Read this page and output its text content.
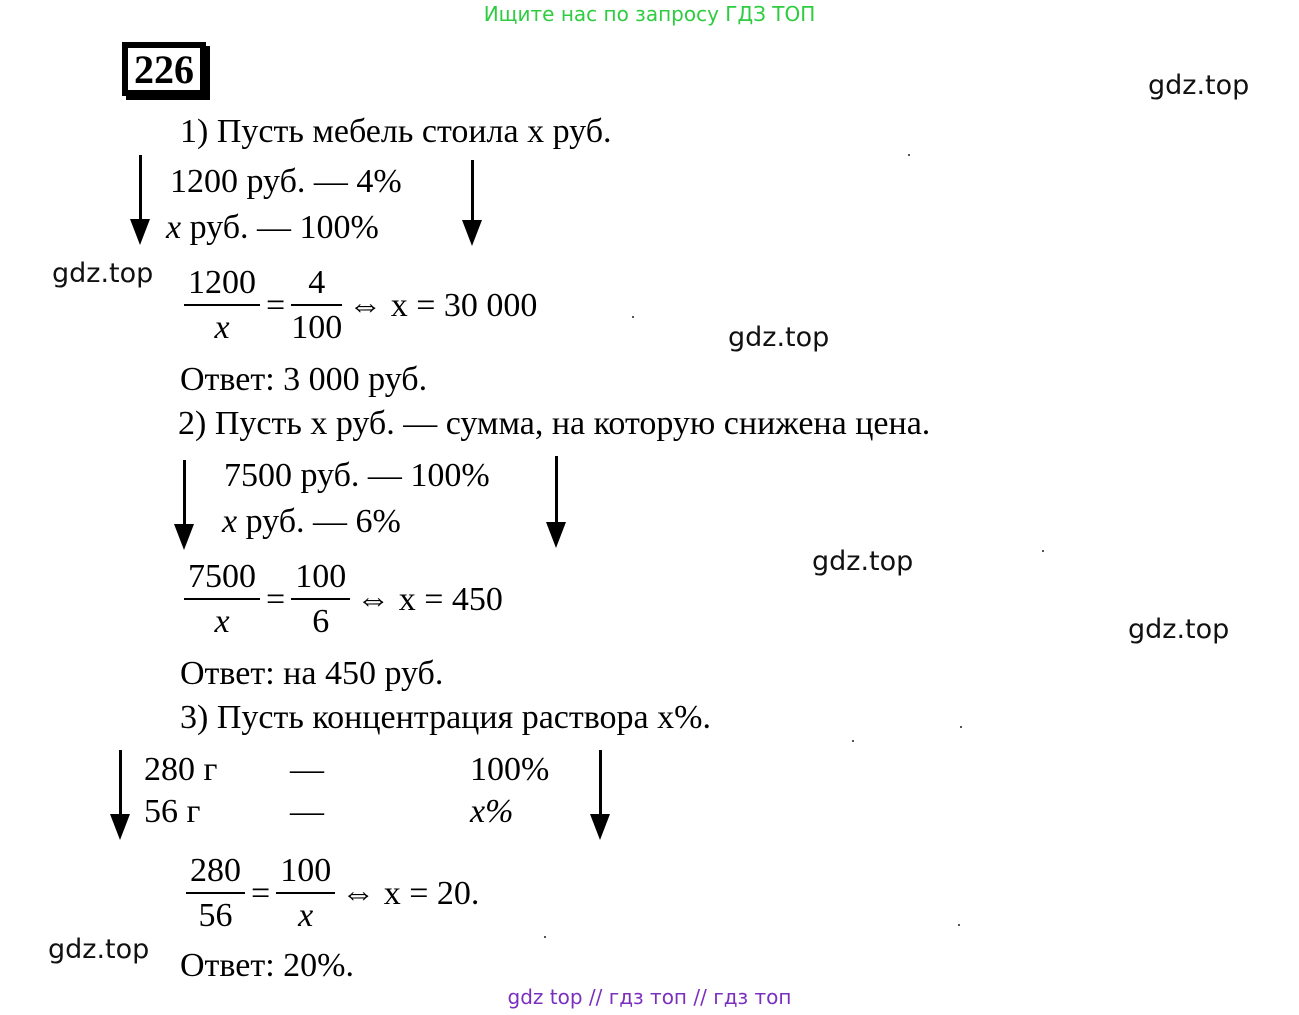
Ищите нас по запросу ГДЗ ТОП
gdz top // гдз топ // гдз топ
226	gdz.top
gdz.top
gdz.top
gdz.top
gdz.top
gdz.top
1) Пусть мебель стоила x руб.
1200 руб. — 4%
x руб. — 100%
$\frac{1200}{x} = \frac{4}{100}$ ⇔ x = 30 000
Ответ: 3 000 руб.
2) Пусть x руб. — сумма, на которую снижена цена.
7500 руб. — 100%
x руб. — 6%
$\frac{7500}{x} = \frac{100}{6}$ ⇔ x = 450
Ответ: на 450 руб.
3) Пусть концентрация раствора x%.
280 г —	100%
56 г	—	x%
$\frac{280}{56} = \frac{100}{x}$ ⇔ x = 20.
Ответ: 20%.
